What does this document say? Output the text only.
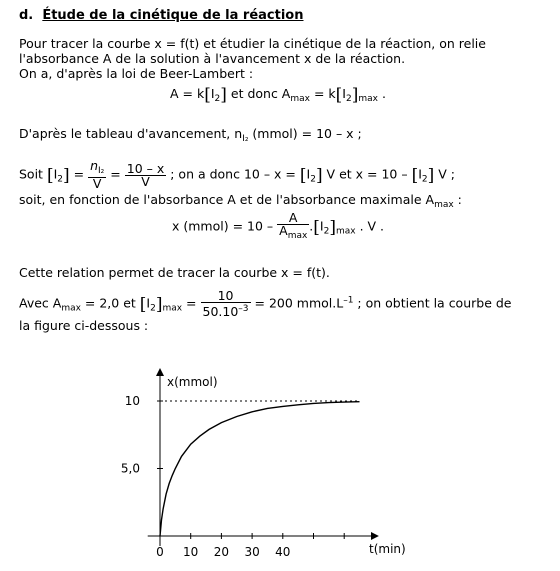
d. Étude de la cinétique de la réaction
Pour tracer la courbe x = f(t) et étudier la cinétique de la réaction, on relie
l'absorbance A de la solution à l'avancement x de la réaction.
On a, d'après la loi de Beer-Lambert :
$A = k[I_2]$ et donc $A_{max} = k[I_2]_{max}$ .
D'après le tableau d'avancement, $n_{I_2}$ (mmol) = 10 – x ;
Soit $[I_2] = \frac{n_{I_2}}{V} = \frac{10 - x}{V}$ ; on a donc $10 - x = [I_2]$ V et $x = 10 - [I_2]$ V ;
soit, en fonction de l'absorbance A et de l'absorbance maximale $A_{max}$ :
x (mmol) = $10 - \frac{A}{A_{max}} .[I_2]_{max}$ . V .
Cette relation permet de tracer la courbe x = f(t).
Avec $A_{max} = 2,0$ et $[I_2]_{max} = \frac{10}{50.10^{-3}} = 200$ $mmol.L^{-1}$ ; on obtient la courbe de
la figure ci-dessous :
0 10 20 30 40
5,0
10
x(mmol)
t(min)
